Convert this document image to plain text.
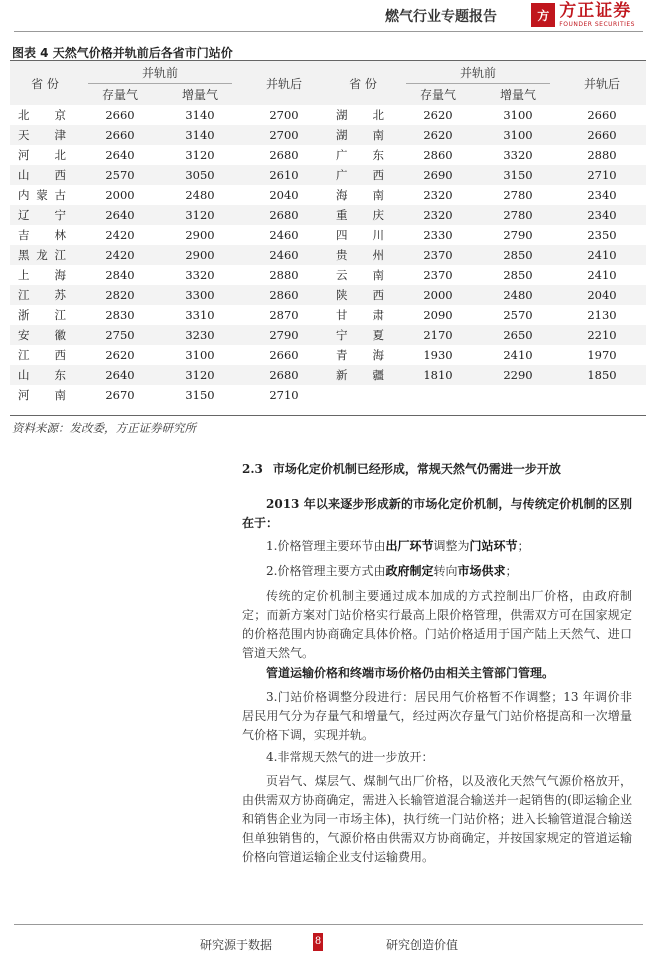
燃气行业专题报告	方 方正证券
FOUNDER SECURITIES
图表 4 天然气价格并轨前后各省市门站价
省 份
并轨前
存量气	增量气
并轨后	省 份
并轨前
存量气	增量气
并轨后
北 京	2660	3140	2700	湖 北	2620	3100	2660
天 津	2660	3140	2700	湖 南	2620	3100	2660
河 北	2640	3120	2680	广 东	2860	3320	2880
山 西	2570	3050	2610	广 西	2690	3150	2710
内蒙古	2000	2480	2040	海 南	2320	2780	2340
辽 宁	2640	3120	2680	重 庆	2320	2780	2340
吉 林	2420	2900	2460	四 川	2330	2790	2350
黑龙江	2420	2900	2460	贵 州	2370	2850	2410
上 海	2840	3320	2880	云 南	2370	2850	2410
江 苏	2820	3300	2860	陕 西	2000	2480	2040
浙 江	2830	3310	2870	甘 肃	2090	2570	2130
安 徽	2750	3230	2790	宁 夏	2170	2650	2210
江 西	2620	3100	2660	青 海	1930	2410	1970
山 东	2640	3120	2680	新 疆	1810	2290	1850
河 南	2670	3150	2710
资料来源：发改委，方正证券研究所
2.3 市场化定价机制已经形成，常规天然气仍需进一步开放
2013 年以来逐步形成新的市场化定价机制，与传统定价机制的区别在于：
1.价格管理主要环节由出厂环节调整为门站环节；
2.价格管理主要方式由政府制定转向市场供求；
传统的定价机制主要通过成本加成的方式控制出厂价格，由政府制定；而新方案对门站价格实行最高上限价格管理，供需双方可在国家规定的价格范围内协商确定具体价格。门站价格适用于国产陆上天然气、进口管道天然气。
管道运输价格和终端市场价格仍由相关主管部门管理。
3.门站价格调整分段进行：居民用气价格暂不作调整；13 年调价非居民用气分为存量气和增量气，经过两次存量气门站价格提高和一次增量气价格下调，实现并轨。
4.非常规天然气的进一步放开：
页岩气、煤层气、煤制气出厂价格，以及液化天然气气源价格放开，由供需双方协商确定，需进入长输管道混合输送并一起销售的(即运输企业和销售企业为同一市场主体)，执行统一门站价格；进入长输管道混合输送但单独销售的，气源价格由供需双方协商确定，并按国家规定的管道运输价格向管道运输企业支付运输费用。
研究源于数据	8	研究创造价值
